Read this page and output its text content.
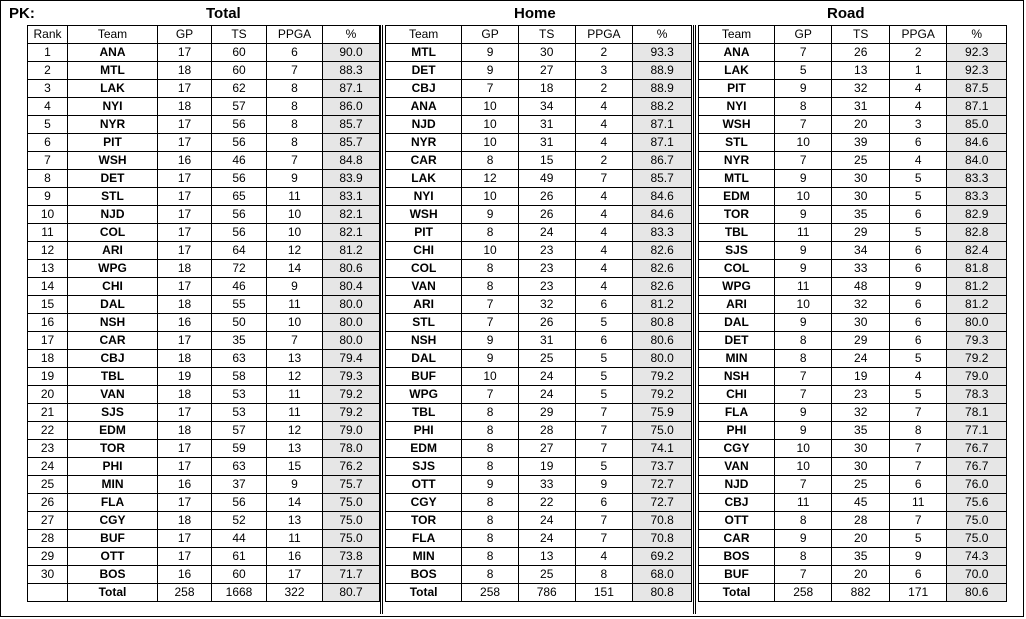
PK:	Total	Home	Road
Rank	Team	GP	TS	PPGA	%
1	ANA	17	60	6	90.0
2	MTL	18	60	7	88.3
3	LAK	17	62	8	87.1
4	NYI	18	57	8	86.0
5	NYR	17	56	8	85.7
6	PIT	17	56	8	85.7
7	WSH	16	46	7	84.8
8	DET	17	56	9	83.9
9	STL	17	65	11	83.1
10	NJD	17	56	10	82.1
11	COL	17	56	10	82.1
12	ARI	17	64	12	81.2
13	WPG	18	72	14	80.6
14	CHI	17	46	9	80.4
15	DAL	18	55	11	80.0
16	NSH	16	50	10	80.0
17	CAR	17	35	7	80.0
18	CBJ	18	63	13	79.4
19	TBL	19	58	12	79.3
20	VAN	18	53	11	79.2
21	SJS	17	53	11	79.2
22	EDM	18	57	12	79.0
23	TOR	17	59	13	78.0
24	PHI	17	63	15	76.2
25	MIN	16	37	9	75.7
26	FLA	17	56	14	75.0
27	CGY	18	52	13	75.0
28	BUF	17	44	11	75.0
29	OTT	17	61	16	73.8
30	BOS	16	60	17	71.7
	Total	258	1668	322	80.7
Team	GP	TS	PPGA	%
MTL	9	30	2	93.3
DET	9	27	3	88.9
CBJ	7	18	2	88.9
ANA	10	34	4	88.2
NJD	10	31	4	87.1
NYR	10	31	4	87.1
CAR	8	15	2	86.7
LAK	12	49	7	85.7
NYI	10	26	4	84.6
WSH	9	26	4	84.6
PIT	8	24	4	83.3
CHI	10	23	4	82.6
COL	8	23	4	82.6
VAN	8	23	4	82.6
ARI	7	32	6	81.2
STL	7	26	5	80.8
NSH	9	31	6	80.6
DAL	9	25	5	80.0
BUF	10	24	5	79.2
WPG	7	24	5	79.2
TBL	8	29	7	75.9
PHI	8	28	7	75.0
EDM	8	27	7	74.1
SJS	8	19	5	73.7
OTT	9	33	9	72.7
CGY	8	22	6	72.7
TOR	8	24	7	70.8
FLA	8	24	7	70.8
MIN	8	13	4	69.2
BOS	8	25	8	68.0
Total	258	786	151	80.8
Team	GP	TS	PPGA	%
ANA	7	26	2	92.3
LAK	5	13	1	92.3
PIT	9	32	4	87.5
NYI	8	31	4	87.1
WSH	7	20	3	85.0
STL	10	39	6	84.6
NYR	7	25	4	84.0
MTL	9	30	5	83.3
EDM	10	30	5	83.3
TOR	9	35	6	82.9
TBL	11	29	5	82.8
SJS	9	34	6	82.4
COL	9	33	6	81.8
WPG	11	48	9	81.2
ARI	10	32	6	81.2
DAL	9	30	6	80.0
DET	8	29	6	79.3
MIN	8	24	5	79.2
NSH	7	19	4	79.0
CHI	7	23	5	78.3
FLA	9	32	7	78.1
PHI	9	35	8	77.1
CGY	10	30	7	76.7
VAN	10	30	7	76.7
NJD	7	25	6	76.0
CBJ	11	45	11	75.6
OTT	8	28	7	75.0
CAR	9	20	5	75.0
BOS	8	35	9	74.3
BUF	7	20	6	70.0
Total	258	882	171	80.6
